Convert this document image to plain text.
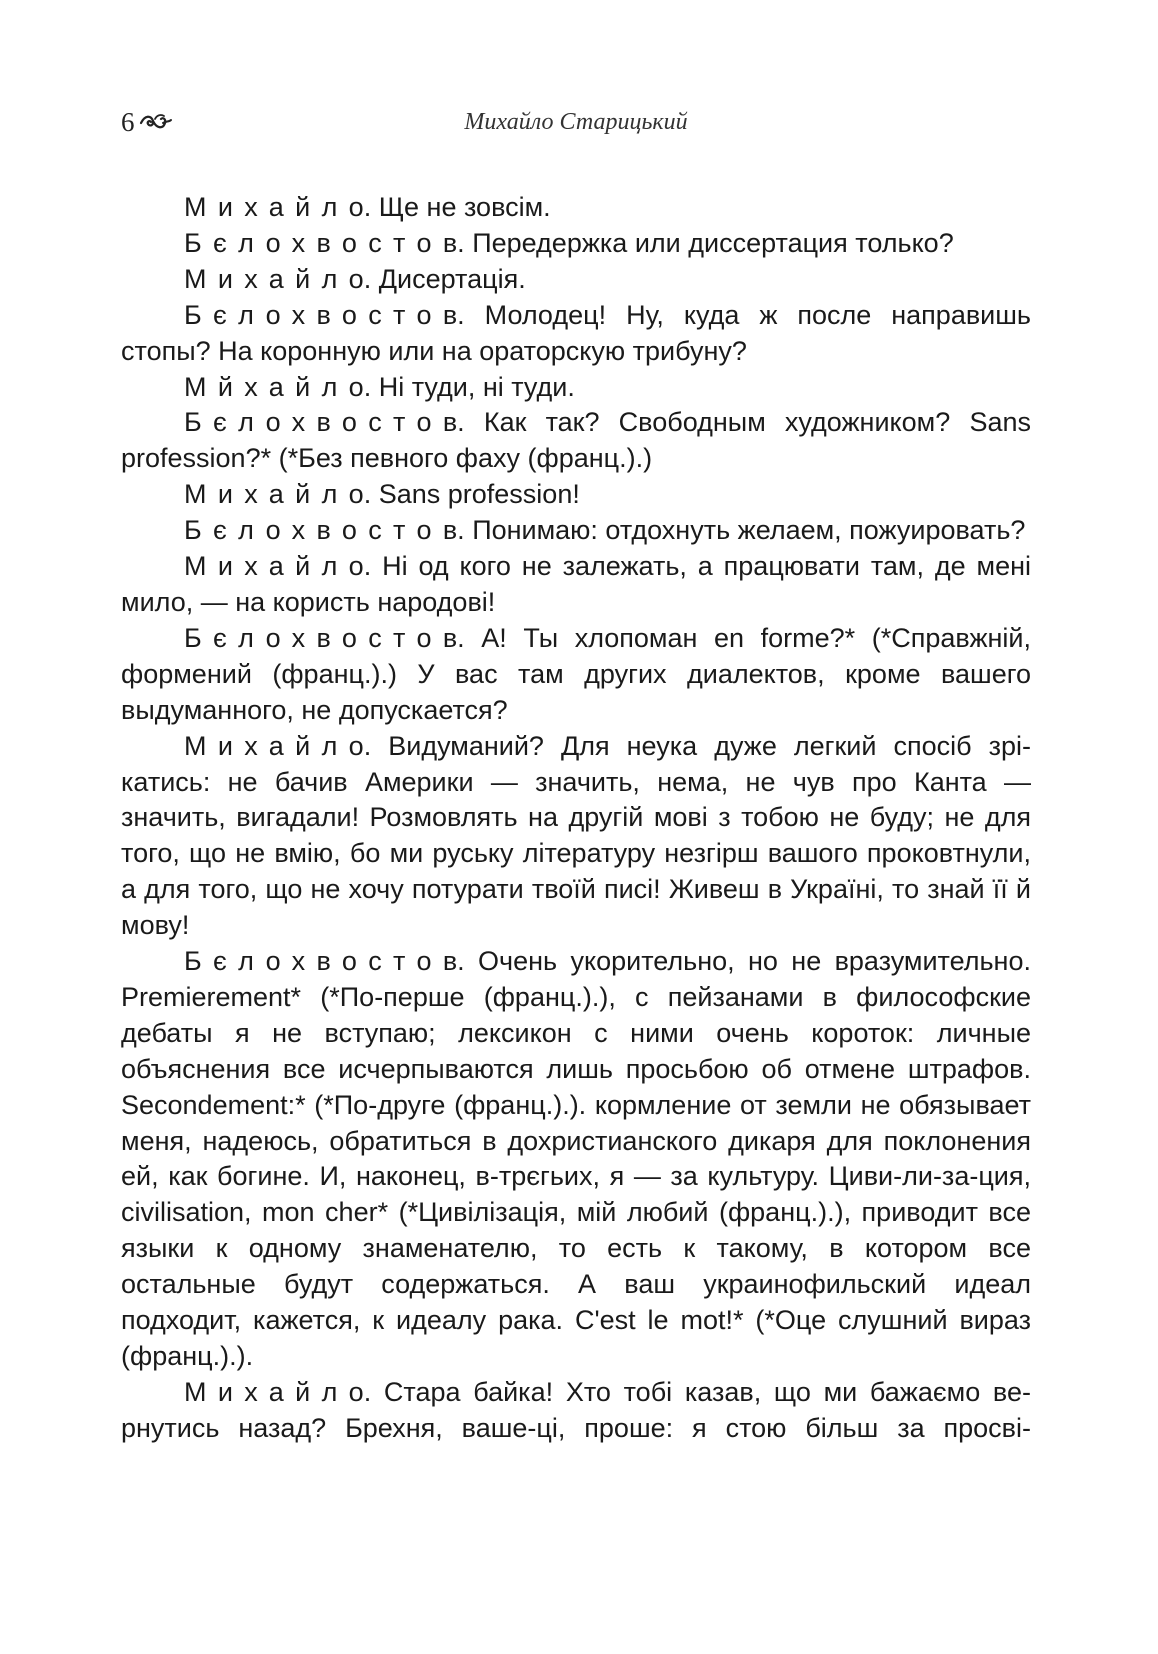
6	Михайло Старицький

Михайло. Ще не зовсім.

Бєлохвостов. Передержка или диссертация только?

Михайло. Дисертація.

Бєлохвостов. Молодец! Ну, куда ж после направишь стопы? На коронную или на ораторскую трибуну?

Мйхайло. Ні туди, ні туди.

Бєлохвостов. Как так? Свободным художником? Sans profession?* (*Без певного фаху (франц.).)

Михайло. Sans profession!

Бєлохвостов. Понимаю: отдохнуть желаем, пожуировать?

Михайло. Ні од кого не залежать, а працювати там, де мені мило, — на користь народові!

Бєлохвостов. А! Ты хлопоман en forme?* (*Справжній, формений (франц.).) У вас там других диалектов, кроме вашего выдуманного, не допускается?

Михайло. Видуманий? Для неука дуже легкий спосіб зрікатись: не бачив Америки — значить, нема, не чув про Канта — значить, вигадали! Розмовлять на другій мові з тобою не буду; не для того, що не вмію, бо ми руську літературу незгірш вашого проковтнули, а для того, що не хочу потурати твоїй писі! Живеш в Україні, то знай її й мову!

Бєлохвостов. Очень укорительно, но не вразумительно. Premierement* (*По-перше (франц.).), с пейзанами в философские дебаты я не вступаю; лексикон с ними очень короток: личные объяснения все исчерпываются лишь просьбою об отмене штрафов. Secondement:* (*По-друге (франц.).). кормление от земли не обязывает меня, надеюсь, обратиться в дохристианского дикаря для поклонения ей, как богине. И, наконец, в-трєгьих, я — за культуру. Циви-ли-за-ция, civilisation, mon cher* (*Цивілізація, мій любий (франц.).), приводит все языки к одному знаменателю, то есть к такому, в котором все остальные будут содержаться. А ваш украинофильский идеал подходит, кажется, к идеалу рака. C'est le mot!* (*Оце слушний вираз (франц.).).

Михайло. Стара байка! Хто тобі казав, що ми бажаємо вернутись назад? Брехня, ваше-ці, проше: я стою більш за просві-
